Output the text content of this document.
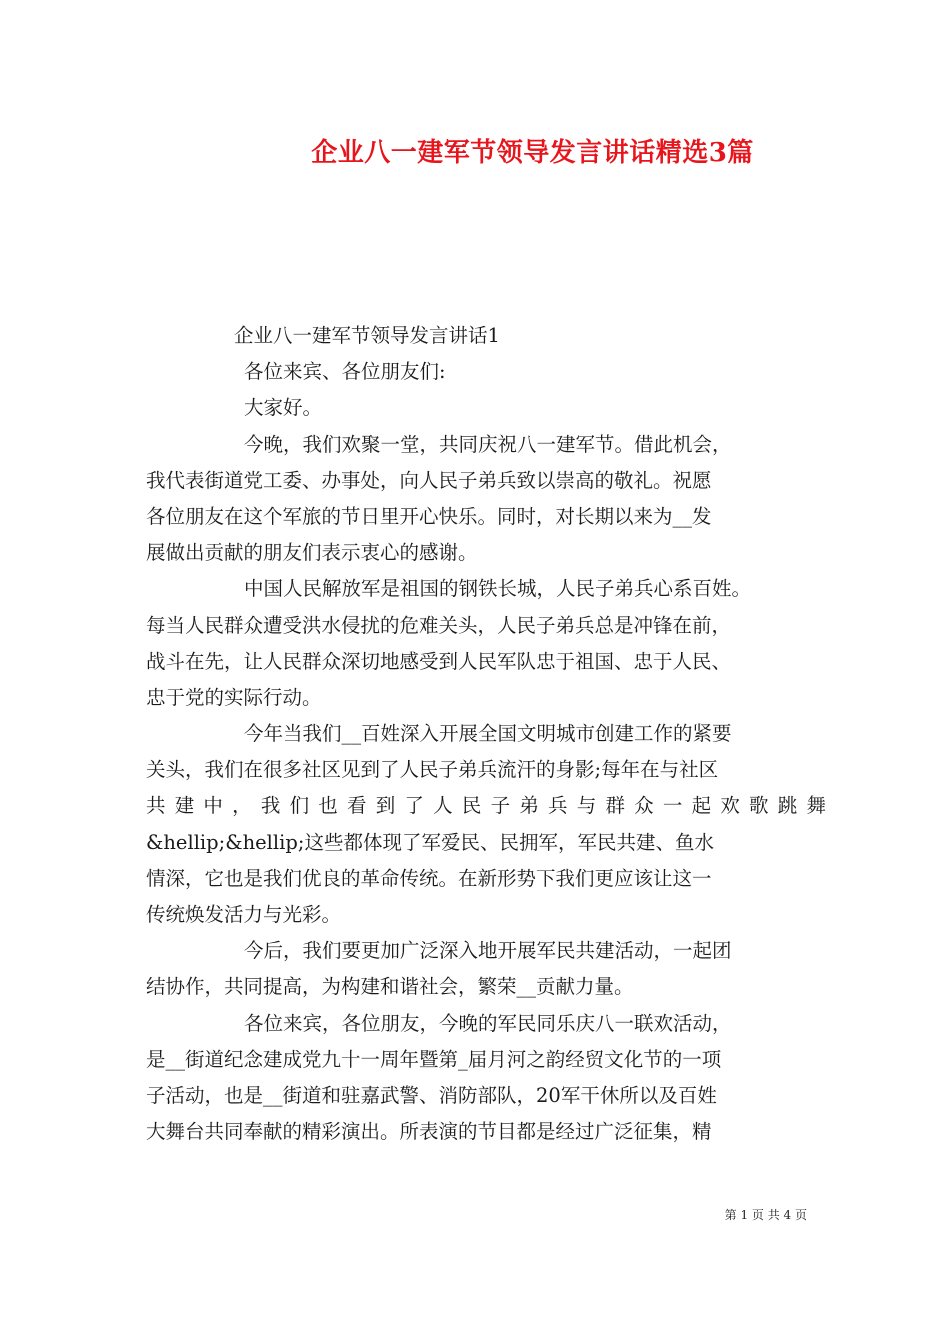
企业八一建军节领导发言讲话精选3篇
企业八一建军节领导发言讲话1
各位来宾、各位朋友们:
大家好。
今晚，我们欢聚一堂，共同庆祝八一建军节。借此机会，
我代表街道党工委、办事处，向人民子弟兵致以崇高的敬礼。祝愿
各位朋友在这个军旅的节日里开心快乐。同时，对长期以来为__发
展做出贡献的朋友们表示衷心的感谢。
中国人民解放军是祖国的钢铁长城，人民子弟兵心系百姓。
每当人民群众遭受洪水侵扰的危难关头，人民子弟兵总是冲锋在前，
战斗在先，让人民群众深切地感受到人民军队忠于祖国、忠于人民、
忠于党的实际行动。
今年当我们__百姓深入开展全国文明城市创建工作的紧要
关头，我们在很多社区见到了人民子弟兵流汗的身影;每年在与社区
共建中，我们也看到了人民子弟兵与群众一起欢歌跳舞
&hellip;&hellip;这些都体现了军爱民、民拥军，军民共建、鱼水
情深，它也是我们优良的革命传统。在新形势下我们更应该让这一
传统焕发活力与光彩。
今后，我们要更加广泛深入地开展军民共建活动，一起团
结协作，共同提高，为构建和谐社会，繁荣__贡献力量。
各位来宾，各位朋友，今晚的军民同乐庆八一联欢活动，
是__街道纪念建成党九十一周年暨第_届月河之韵经贸文化节的一项
子活动，也是__街道和驻嘉武警、消防部队，20军干休所以及百姓
大舞台共同奉献的精彩演出。所表演的节目都是经过广泛征集，精
第 1 页 共 4 页
